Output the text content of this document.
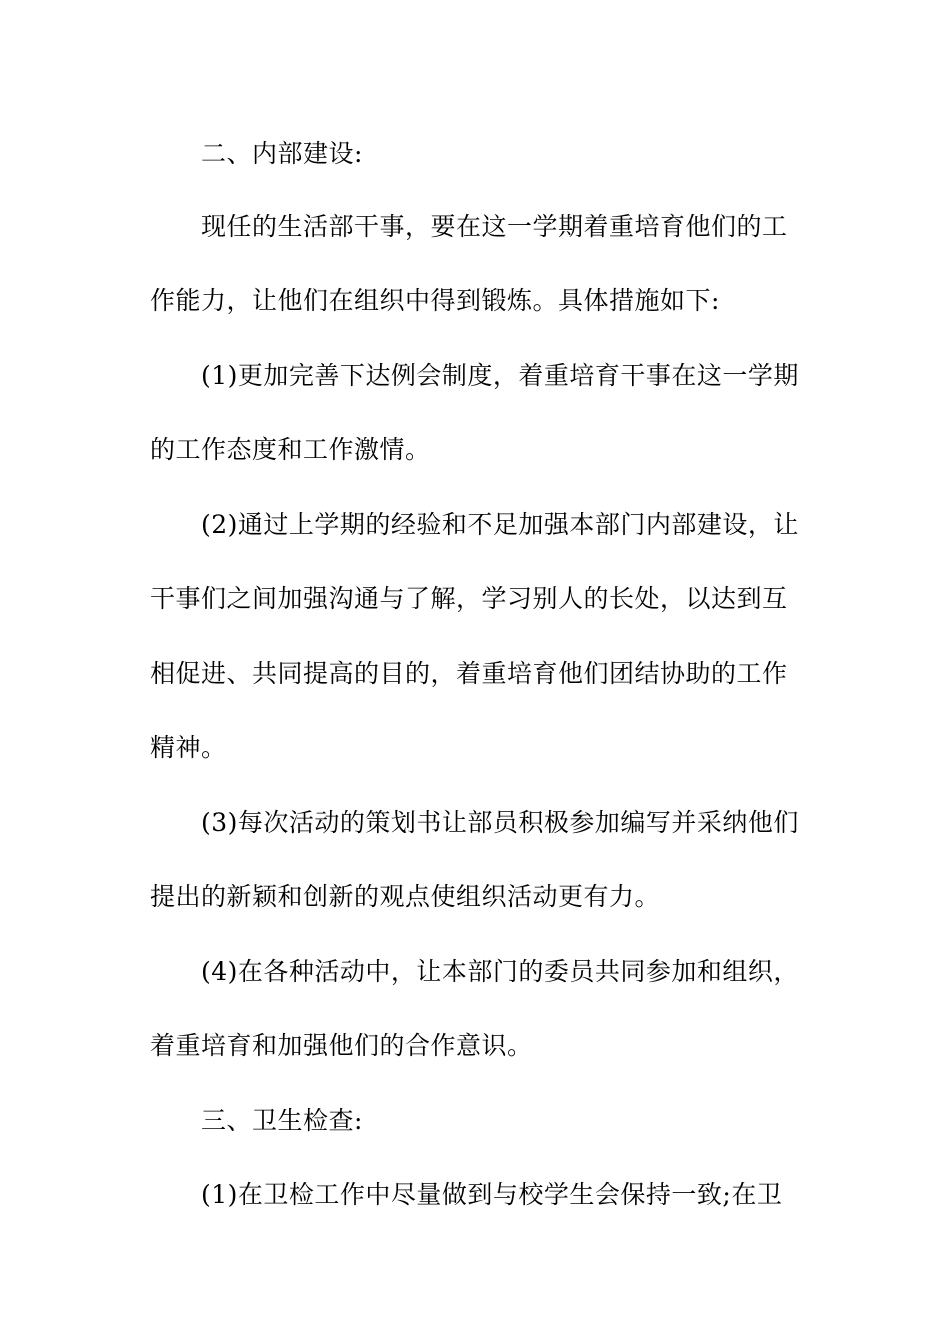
二、内部建设:
现任的生活部干事，要在这一学期着重培育他们的工
作能力，让他们在组织中得到锻炼。具体措施如下:
(1)更加完善下达例会制度，着重培育干事在这一学期
的工作态度和工作激情。
(2)通过上学期的经验和不足加强本部门内部建设，让
干事们之间加强沟通与了解，学习别人的长处，以达到互
相促进、共同提高的目的，着重培育他们团结协助的工作
精神。
(3)每次活动的策划书让部员积极参加编写并采纳他们
提出的新颖和创新的观点使组织活动更有力。
(4)在各种活动中，让本部门的委员共同参加和组织，
着重培育和加强他们的合作意识。
三、卫生检查:
(1)在卫检工作中尽量做到与校学生会保持一致;在卫
